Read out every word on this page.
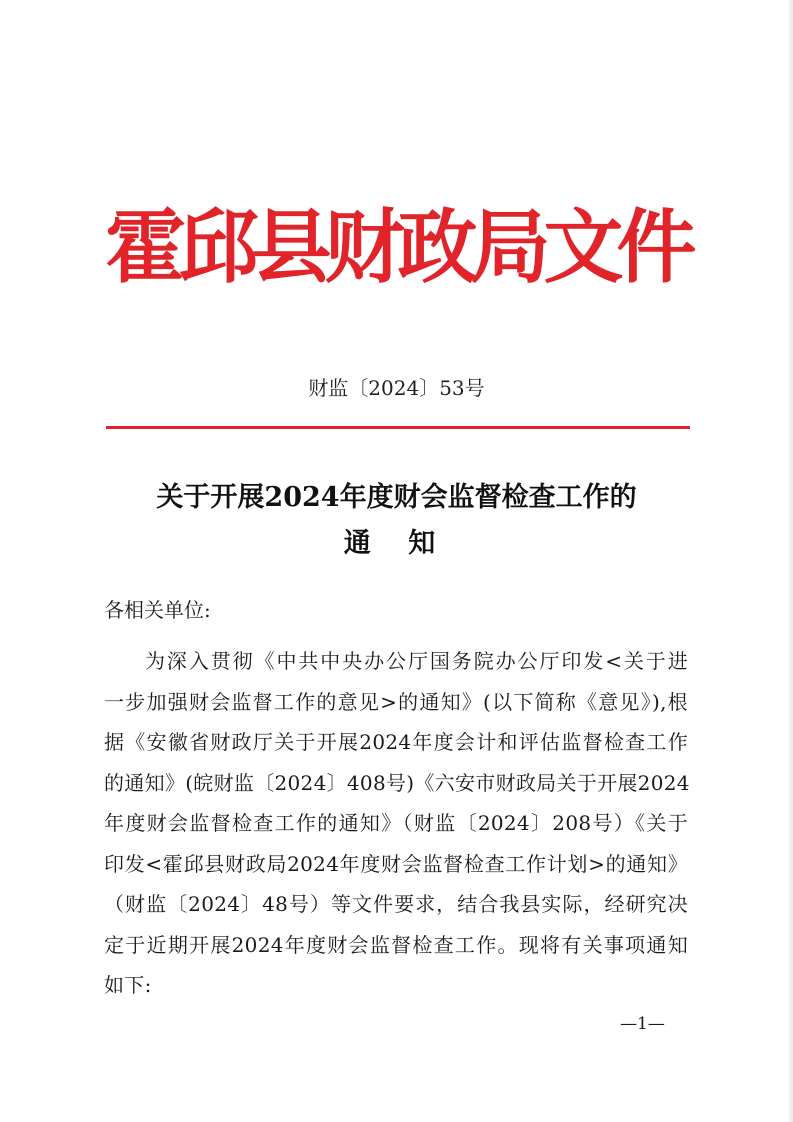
霍邱县财政局文件
财监〔2024〕53号
关于开展2024年度财会监督检查工作的
通 知
各相关单位:
为深入贯彻《中共中央办公厅国务院办公厅印发<关于进
一步加强财会监督工作的意见>的通知》(以下简称《意见》),根
据《安徽省财政厅关于开展2024年度会计和评估监督检查工作
的通知》(皖财监〔2024〕408号)《六安市财政局关于开展2024
年度财会监督检查工作的通知》（财监〔2024〕208号）《关于
印发<霍邱县财政局2024年度财会监督检查工作计划>的通知》
（财监〔2024〕48号）等文件要求，结合我县实际，经研究决
定于近期开展2024年度财会监督检查工作。现将有关事项通知
如下:
—1—
